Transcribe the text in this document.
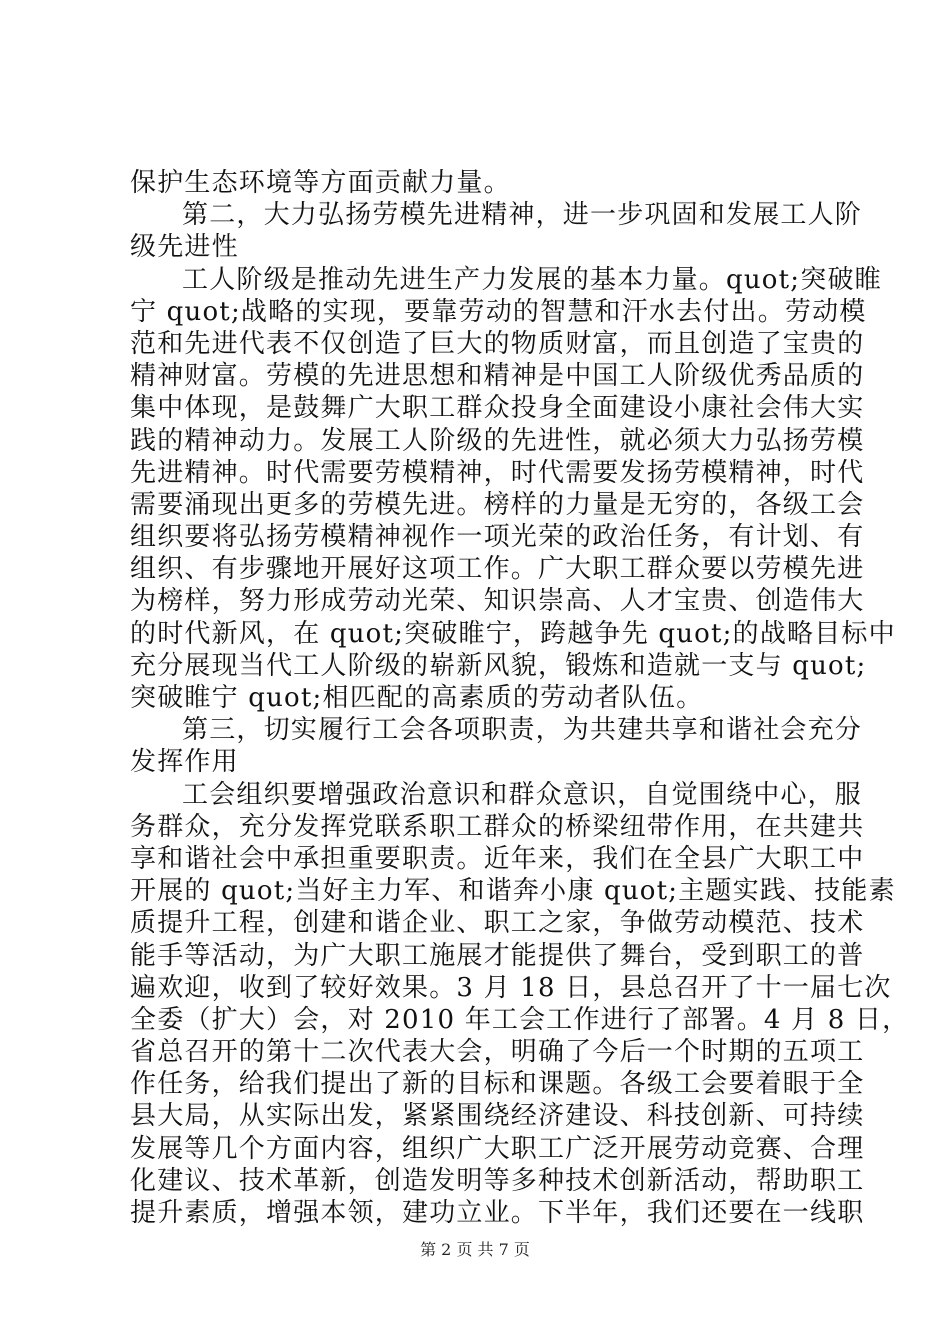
保护生态环境等方面贡献力量。
第二，大力弘扬劳模先进精神，进一步巩固和发展工人阶
级先进性
工人阶级是推动先进生产力发展的基本力量。quot;突破睢
宁 quot;战略的实现，要靠劳动的智慧和汗水去付出。劳动模
范和先进代表不仅创造了巨大的物质财富，而且创造了宝贵的
精神财富。劳模的先进思想和精神是中国工人阶级优秀品质的
集中体现，是鼓舞广大职工群众投身全面建设小康社会伟大实
践的精神动力。发展工人阶级的先进性，就必须大力弘扬劳模
先进精神。时代需要劳模精神，时代需要发扬劳模精神，时代
需要涌现出更多的劳模先进。榜样的力量是无穷的，各级工会
组织要将弘扬劳模精神视作一项光荣的政治任务，有计划、有
组织、有步骤地开展好这项工作。广大职工群众要以劳模先进
为榜样，努力形成劳动光荣、知识崇高、人才宝贵、创造伟大
的时代新风，在 quot;突破睢宁，跨越争先 quot;的战略目标中
充分展现当代工人阶级的崭新风貌，锻炼和造就一支与 quot;
突破睢宁 quot;相匹配的高素质的劳动者队伍。
第三，切实履行工会各项职责，为共建共享和谐社会充分
发挥作用
工会组织要增强政治意识和群众意识，自觉围绕中心，服
务群众，充分发挥党联系职工群众的桥梁纽带作用，在共建共
享和谐社会中承担重要职责。近年来，我们在全县广大职工中
开展的 quot;当好主力军、和谐奔小康 quot;主题实践、技能素
质提升工程，创建和谐企业、职工之家，争做劳动模范、技术
能手等活动，为广大职工施展才能提供了舞台，受到职工的普
遍欢迎，收到了较好效果。3 月 18 日，县总召开了十一届七次
全委（扩大）会，对 2010 年工会工作进行了部署。4 月 8 日，
省总召开的第十二次代表大会，明确了今后一个时期的五项工
作任务，给我们提出了新的目标和课题。各级工会要着眼于全
县大局，从实际出发，紧紧围绕经济建设、科技创新、可持续
发展等几个方面内容，组织广大职工广泛开展劳动竞赛、合理
化建议、技术革新，创造发明等多种技术创新活动，帮助职工
提升素质，增强本领，建功立业。下半年，我们还要在一线职
第 2 页 共 7 页
